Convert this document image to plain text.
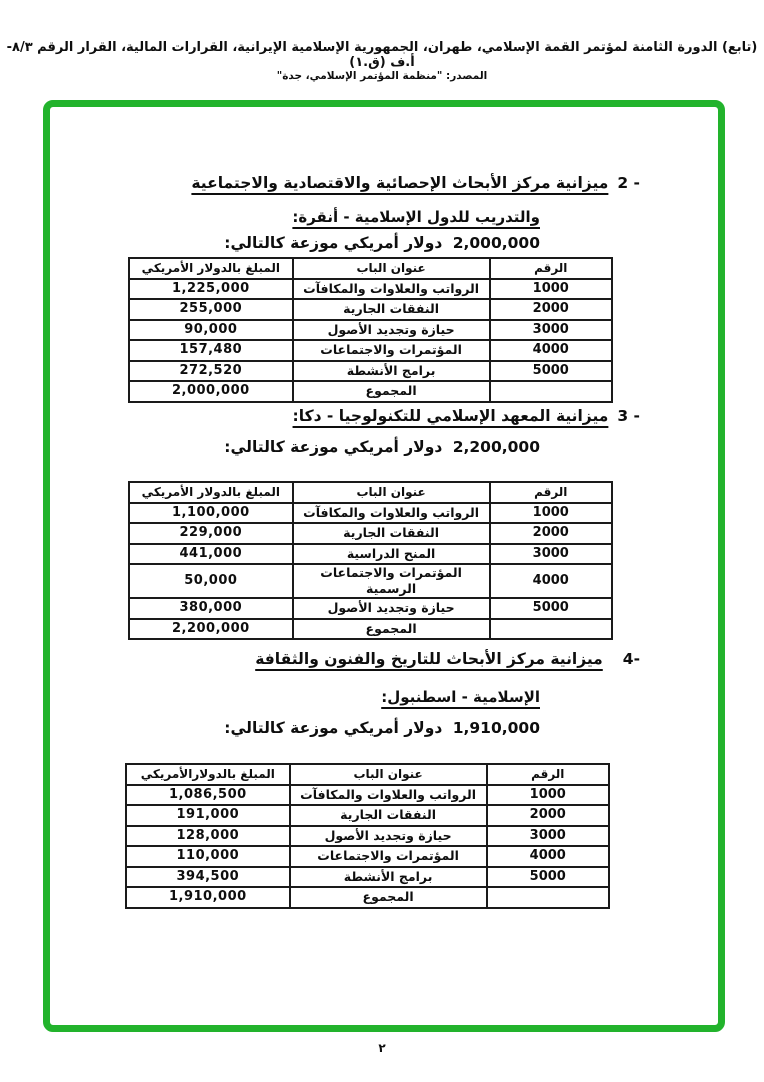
(تابع) الدورة الثامنة لمؤتمر القمة الإسلامي، طهران، الجمهورية الإسلامية الإيرانية، القرارات المالية، القرار الرقم ٨/٣-أ.ف (ق.١)
المصدر: "منظمة المؤتمر الإسلامي، جدة"
2 -ميزانية مركز الأبحاث الإحصائية والاقتصادية والاجتماعية
والتدريب للدول الإسلامية - أنقرة:
2,000,000 دولار أمريكي موزعة كالتالي:
الرقم	عنوان الباب	المبلغ بالدولار الأمريكي
1000	الرواتب والعلاوات والمكافآت	1,225,000
2000	النفقات الجارية	255,000
3000	حيازة وتجديد الأصول	90,000
4000	المؤتمرات والاجتماعات	157,480
5000	برامج الأنشطة	272,520
	المجموع	2,000,000
3 -ميزانية المعهد الإسلامي للتكنولوجيا - دكا:
2,200,000 دولار أمريكي موزعة كالتالي:
الرقم	عنوان الباب	المبلغ بالدولار الأمريكي
1000	الرواتب والعلاوات والمكافآت	1,100,000
2000	النفقات الجارية	229,000
3000	المنح الدراسية	441,000
4000	المؤتمرات والاجتماعات الرسمية	50,000
5000	حيازة وتجديد الأصول	380,000
	المجموع	2,200,000
4-ميزانية مركز الأبحاث للتاريخ والفنون والثقافة
الإسلامية - اسطنبول:
1,910,000 دولار أمريكي موزعة كالتالي:
الرقم	عنوان الباب	المبلغ بالدولارالأمريكي
1000	الرواتب والعلاوات والمكافآت	1,086,500
2000	النفقات الجارية	191,000
3000	حيازة وتجديد الأصول	128,000
4000	المؤتمرات والاجتماعات	110,000
5000	برامج الأنشطة	394,500
	المجموع	1,910,000
٢
